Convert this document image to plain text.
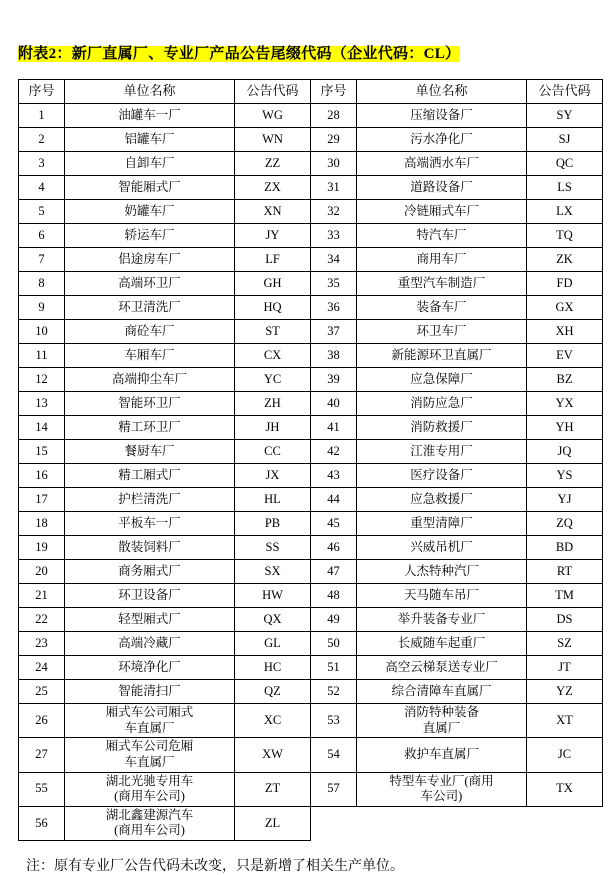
附表2：新厂直属厂、专业厂产品公告尾缀代码（企业代码：CL）
序号	单位名称	公告代码	序号	单位名称	公告代码
1	油罐车一厂	WG	28	压缩设备厂	SY
2	铝罐车厂	WN	29	污水净化厂	SJ
3	自卸车厂	ZZ	30	高端洒水车厂	QC
4	智能厢式厂	ZX	31	道路设备厂	LS
5	奶罐车厂	XN	32	冷链厢式车厂	LX
6	轿运车厂	JY	33	特汽车厂	TQ
7	侣途房车厂	LF	34	商用车厂	ZK
8	高端环卫厂	GH	35	重型汽车制造厂	FD
9	环卫清洗厂	HQ	36	装备车厂	GX
10	商砼车厂	ST	37	环卫车厂	XH
11	车厢车厂	CX	38	新能源环卫直属厂	EV
12	高端抑尘车厂	YC	39	应急保障厂	BZ
13	智能环卫厂	ZH	40	消防应急厂	YX
14	精工环卫厂	JH	41	消防救援厂	YH
15	餐厨车厂	CC	42	江淮专用厂	JQ
16	精工厢式厂	JX	43	医疗设备厂	YS
17	护栏清洗厂	HL	44	应急救援厂	YJ
18	平板车一厂	PB	45	重型清障厂	ZQ
19	散装饲料厂	SS	46	兴威吊机厂	BD
20	商务厢式厂	SX	47	人杰特种汽厂	RT
21	环卫设备厂	HW	48	天马随车吊厂	TM
22	轻型厢式厂	QX	49	举升装备专业厂	DS
23	高端冷藏厂	GL	50	长威随车起重厂	SZ
24	环境净化厂	HC	51	高空云梯泵送专业厂	JT
25	智能清扫厂	QZ	52	综合清障车直属厂	YZ
26	厢式车公司厢式
车直属厂	XC	53	消防特种装备
直属厂	XT
27	厢式车公司危厢
车直属厂	XW	54	救护车直属厂	JC
55	湖北光驰专用车
(商用车公司)	ZT	57	特型车专业厂(商用
车公司)	TX
56	湖北鑫建源汽车
(商用车公司)	ZL			
注：原有专业厂公告代码未改变，只是新增了相关生产单位。
